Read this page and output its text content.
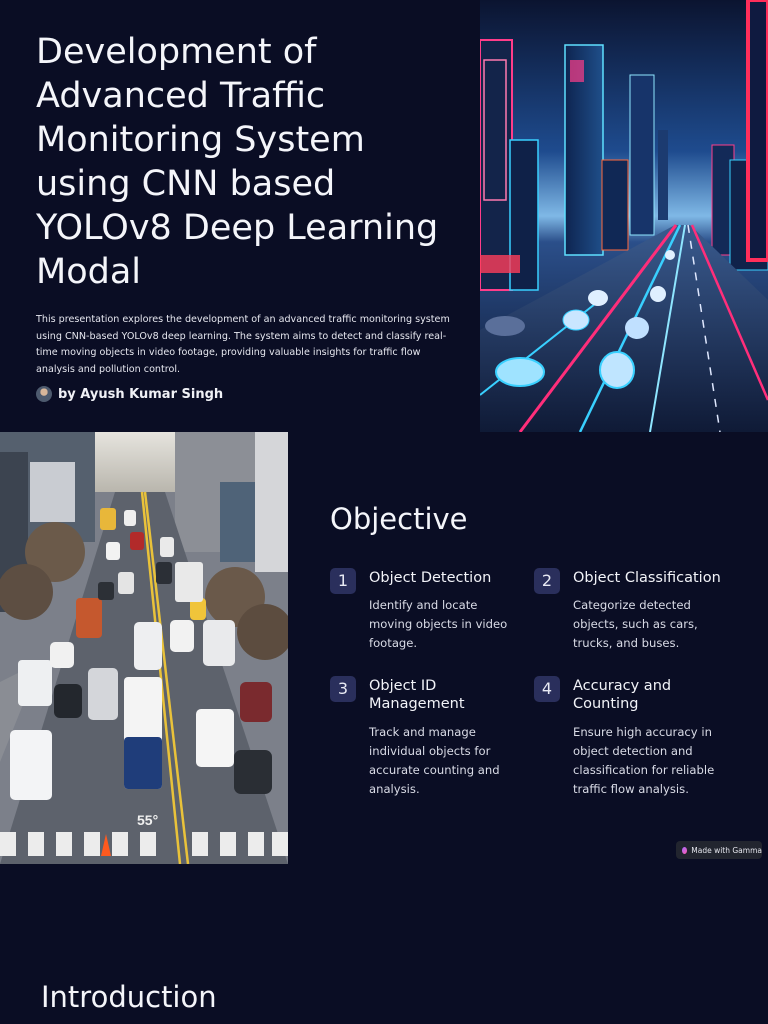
Development of Advanced Traffic Monitoring System using CNN based YOLOv8 Deep Learning Modal

This presentation explores the development of an advanced traffic monitoring system using CNN-based YOLOv8 deep learning. The system aims to detect and classify real-time moving objects in video footage, providing valuable insights for traffic flow analysis and pollution control.

by Ayush Kumar Singh
55°
Objective
1	Object Detection
Identify and locate moving objects in video footage.
2	Object Classification
Categorize detected objects, such as cars, trucks, and buses.
3	Object ID Management
Track and manage individual objects for accurate counting and analysis.
4	Accuracy and Counting
Ensure high accuracy in object detection and classification for reliable traffic flow analysis.
Made with Gamma
Introduction
